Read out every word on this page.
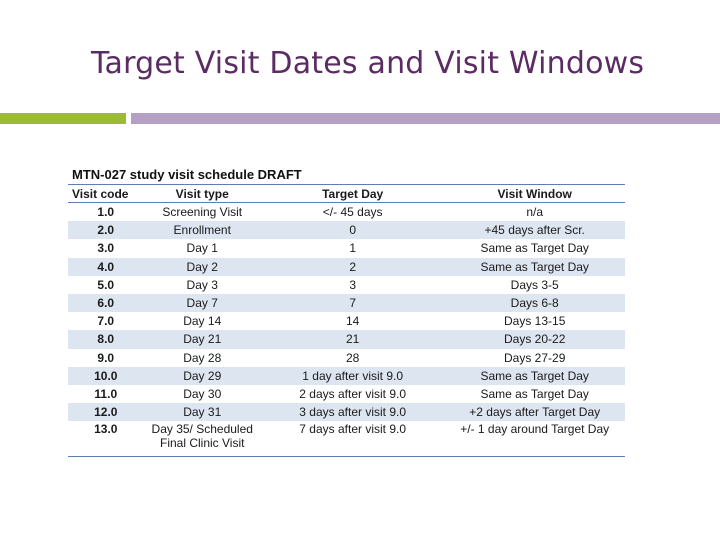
Target Visit Dates and Visit Windows
MTN-027 study visit schedule DRAFT
Visit code	Visit type	Target Day	Visit Window
1.0	Screening Visit	</- 45 days	n/a
2.0	Enrollment	0	+45 days after Scr.
3.0	Day 1	1	Same as Target Day
4.0	Day 2	2	Same as Target Day
5.0	Day 3	3	Days 3-5
6.0	Day 7	7	Days 6-8
7.0	Day 14	14	Days 13-15
8.0	Day 21	21	Days 20-22
9.0	Day 28	28	Days 27-29
10.0	Day 29	1 day after visit 9.0	Same as Target Day
11.0	Day 30	2 days after visit 9.0	Same as Target Day
12.0	Day 31	3 days after visit 9.0	+2 days after Target Day
13.0	Day 35/ Scheduled Final Clinic Visit	7 days after visit 9.0	+/- 1 day around Target Day
